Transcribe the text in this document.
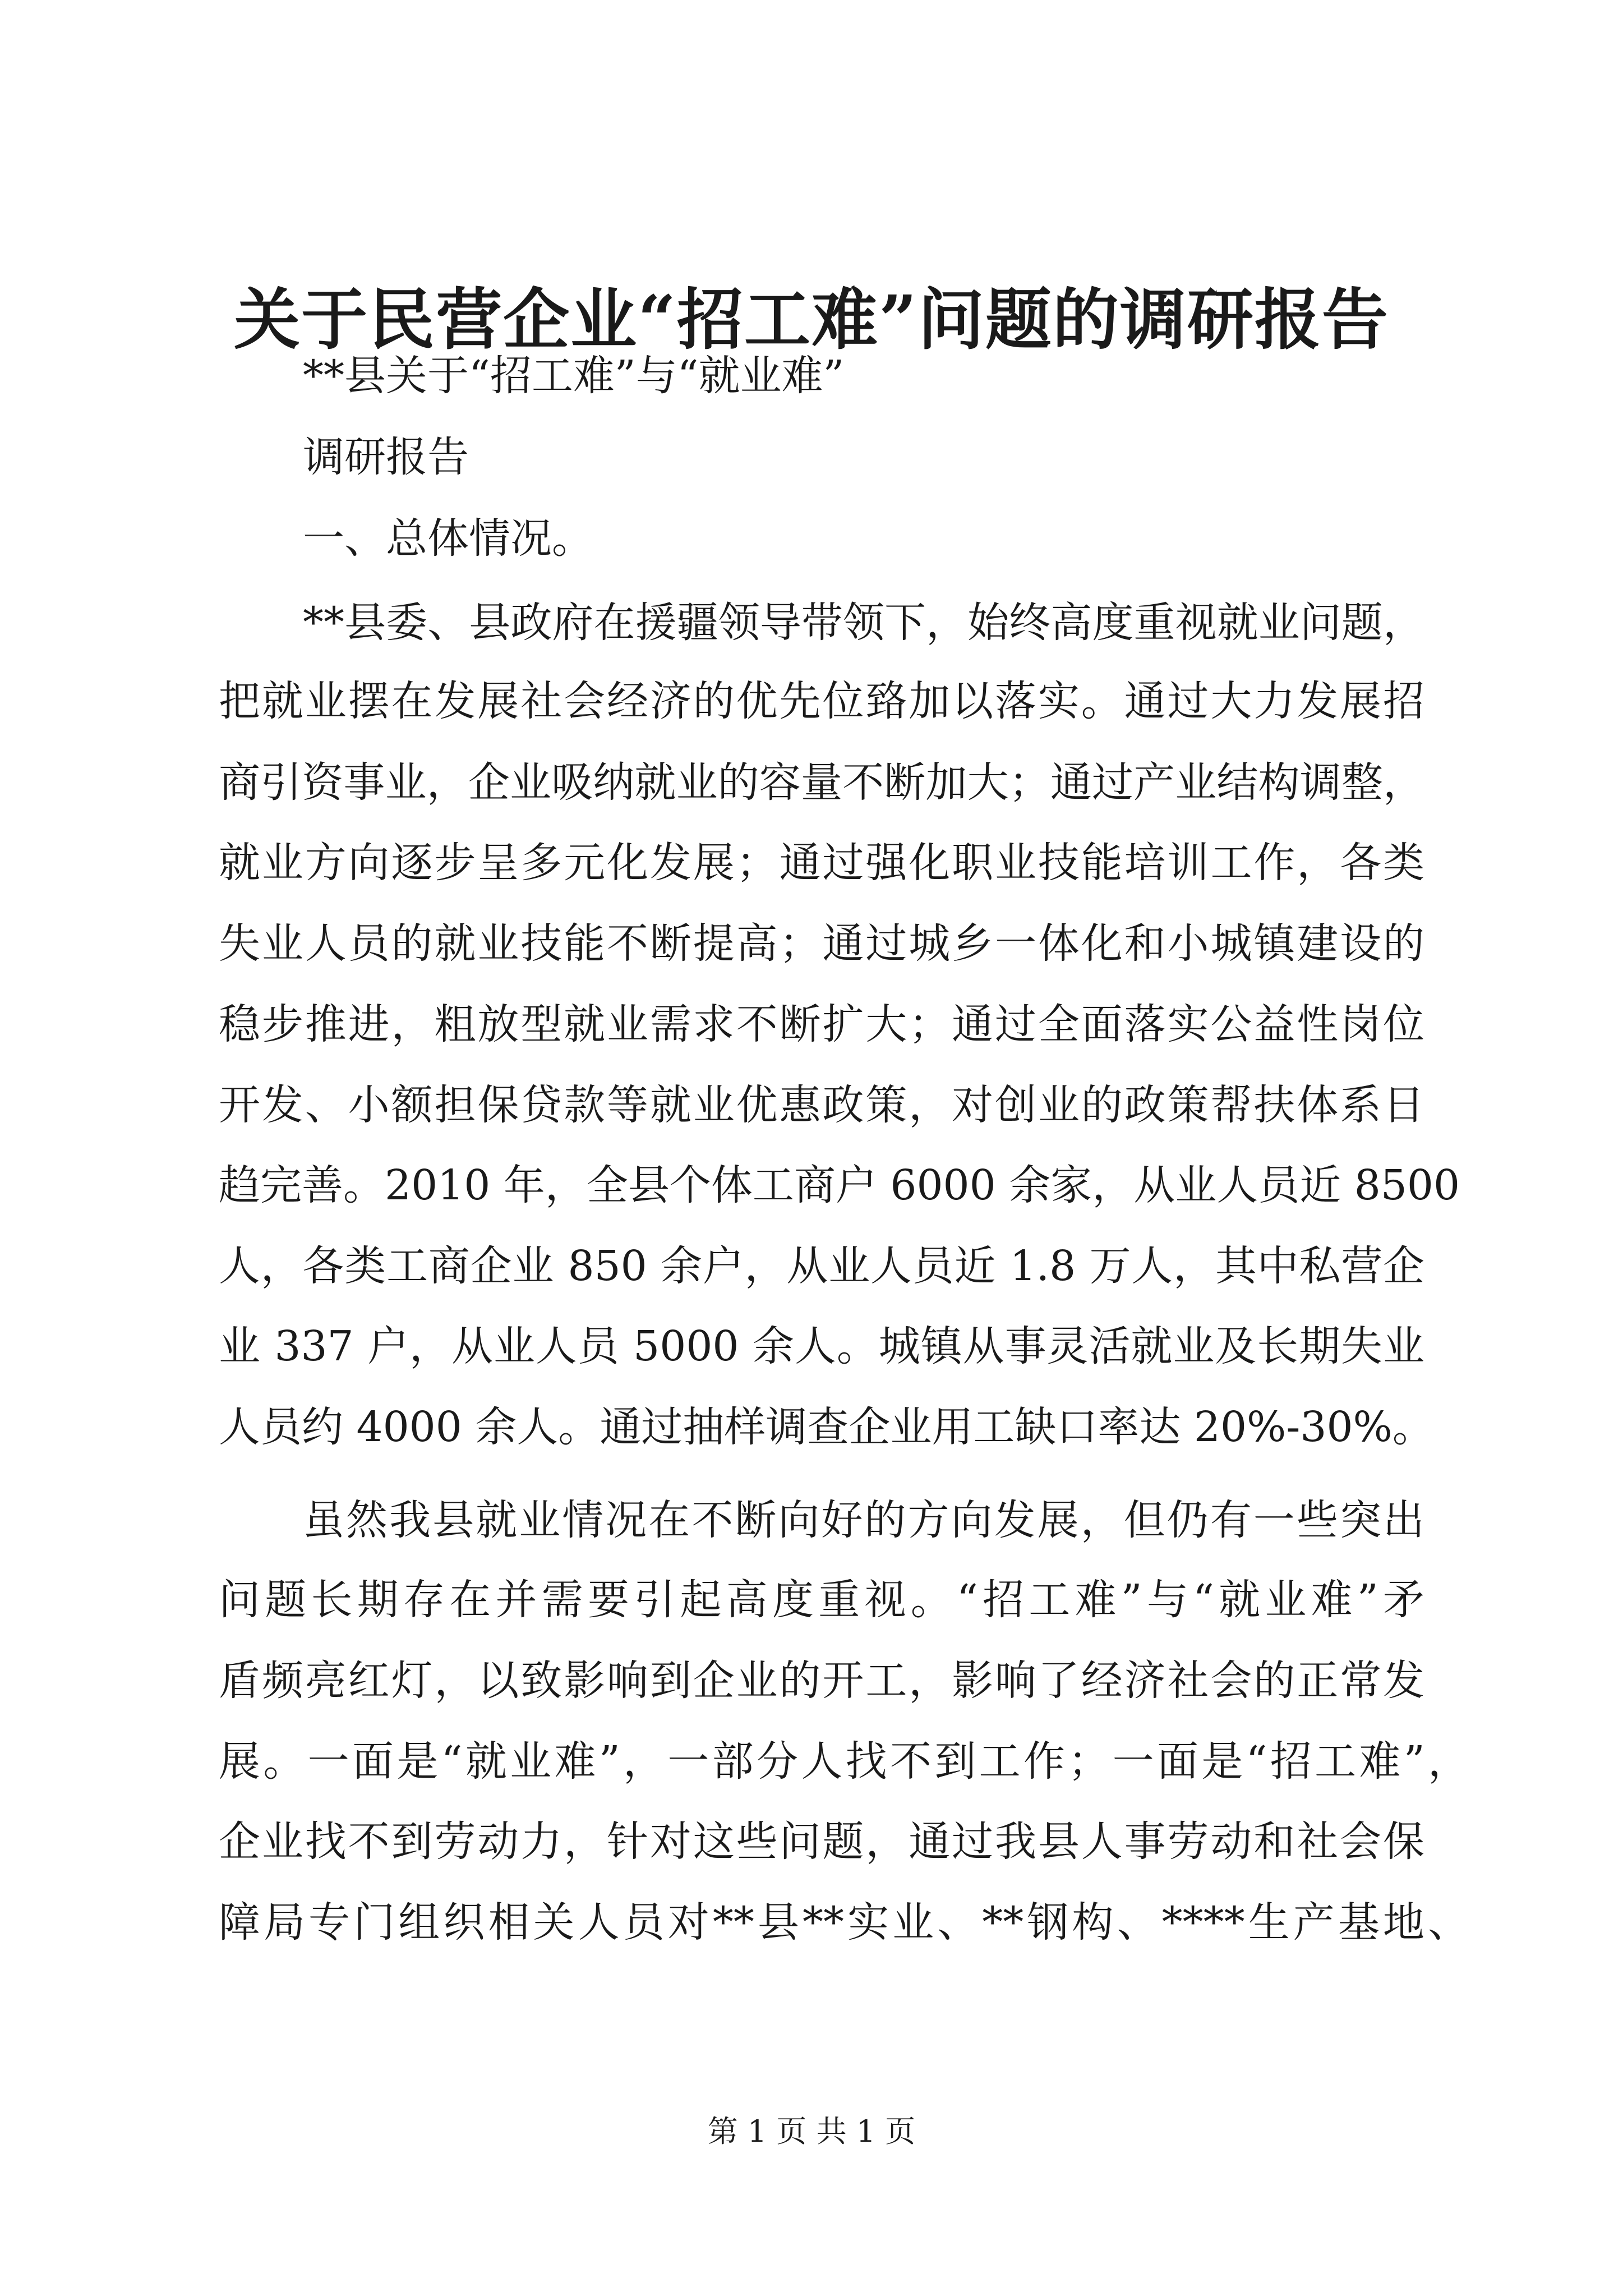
关于民营企业“招工难”问题的调研报告
**县关于“招工难”与“就业难”
调研报告
一、总体情况。
**县委、县政府在援疆领导带领下，始终高度重视就业问题，
把就业摆在发展社会经济的优先位臵加以落实。通过大力发展招
商引资事业，企业吸纳就业的容量不断加大；通过产业结构调整，
就业方向逐步呈多元化发展；通过强化职业技能培训工作，各类
失业人员的就业技能不断提高；通过城乡一体化和小城镇建设的
稳步推进，粗放型就业需求不断扩大；通过全面落实公益性岗位
开发、小额担保贷款等就业优惠政策，对创业的政策帮扶体系日
趋完善。2010 年，全县个体工商户 6000 余家，从业人员近 8500
人，各类工商企业 850 余户，从业人员近 1.8 万人，其中私营企
业 337 户，从业人员 5000 余人。城镇从事灵活就业及长期失业
人员约 4000 余人。通过抽样调查企业用工缺口率达 20%-30%。
虽然我县就业情况在不断向好的方向发展，但仍有一些突出
问题长期存在并需要引起高度重视。“招工难”与“就业难”矛
盾频亮红灯，以致影响到企业的开工，影响了经济社会的正常发
展。一面是“就业难”，一部分人找不到工作；一面是“招工难”，
企业找不到劳动力，针对这些问题，通过我县人事劳动和社会保
障局专门组织相关人员对**县**实业、**钢构、****生产基地、
第 1 页 共 1 页
